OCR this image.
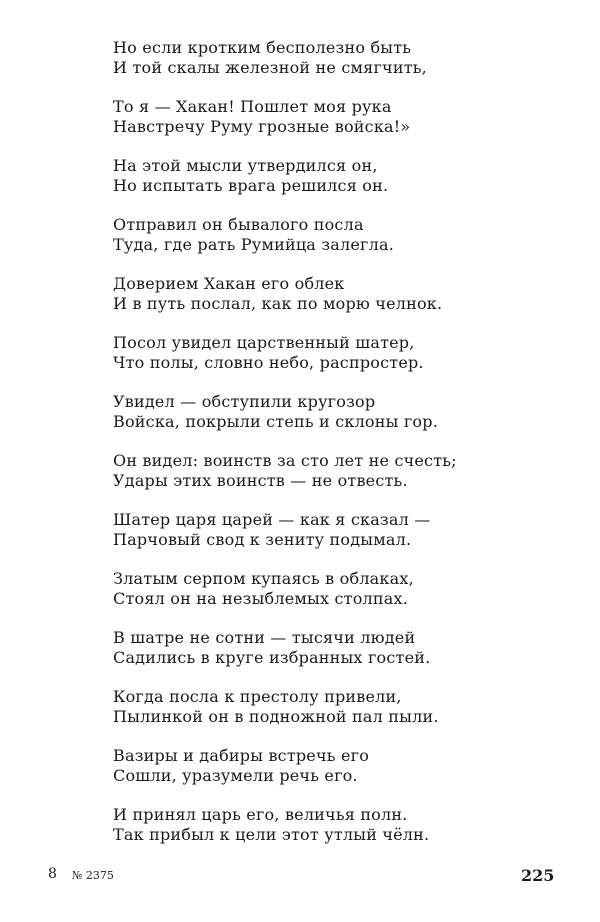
Но если кротким бесполезно быть
И той скалы железной не смягчить,
То я — Хакан! Пошлет моя рука
Навстречу Руму грозные войска!»
На этой мысли утвердился он,
Но испытать врага решился он.
Отправил он бывалого посла
Туда, где рать Румийца залегла.
Доверием Хакан его облек
И в путь послал, как по морю челнок.
Посол увидел царственный шатер,
Что полы, словно небо, распростер.
Увидел — обступили кругозор
Войска, покрыли степь и склоны гор.
Он видел: воинств за сто лет не счесть;
Удары этих воинств — не отвесть.
Шатер царя царей — как я сказал —
Парчовый свод к зениту подымал.
Златым серпом купаясь в облаках,
Стоял он на незыблемых столпах.
В шатре не сотни — тысячи людей
Садились в круге избранных гостей.
Когда посла к престолу привели,
Пылинкой он в подножной пал пыли.
Вазиры и дабиры встречь его
Сошли, уразумели речь его.
И принял царь его, величья полн.
Так прибыл к цели этот утлый чёлн.
8 № 2375	225
